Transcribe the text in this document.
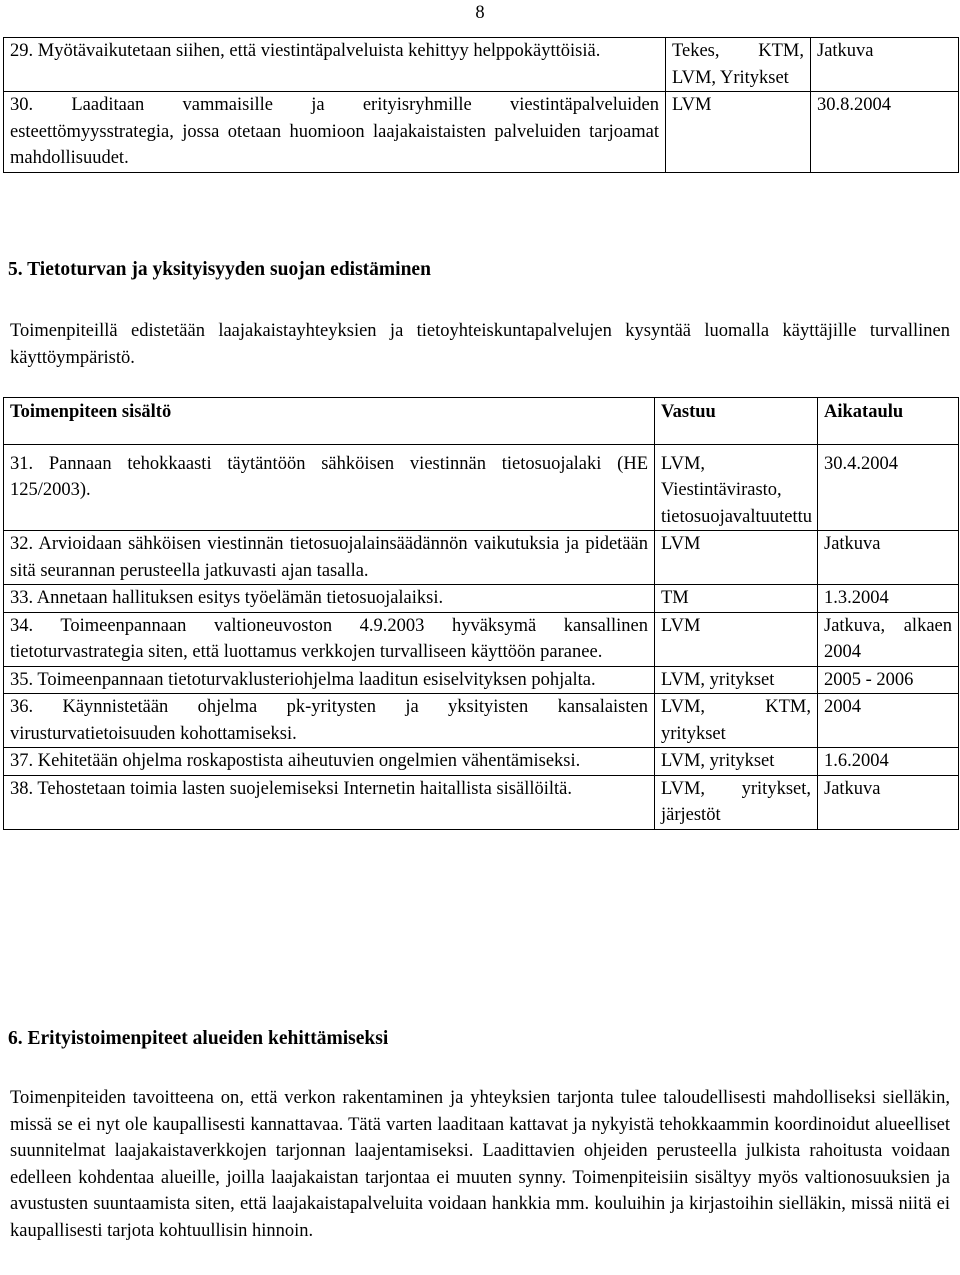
8
29. Myötävaikutetaan siihen, että viestintäpalveluista kehittyy helppokäyttöisiä.	Tekes, KTM, LVM, Yritykset	Jatkuva
30. Laaditaan vammaisille ja erityisryhmille viestintäpalveluiden esteettömyysstrategia, jossa otetaan huomioon laajakaistaisten palveluiden tarjoamat mahdollisuudet.	LVM	30.8.2004
5. Tietoturvan ja yksityisyyden suojan edistäminen

Toimenpiteillä edistetään laajakaistayhteyksien ja tietoyhteiskuntapalvelujen kysyntää luomalla käyttäjille turvallinen käyttöympäristö.

Toimenpiteen sisältö	Vastuu	Aikataulu
31. Pannaan tehokkaasti täytäntöön sähköisen viestinnän tietosuojalaki (HE 125/2003).	LVM, Viestintävirasto, tietosuojavaltuutettu	30.4.2004
32. Arvioidaan sähköisen viestinnän tietosuojalainsäädännön vaikutuksia ja pidetään sitä seurannan perusteella jatkuvasti ajan tasalla.	LVM	Jatkuva
33. Annetaan hallituksen esitys työelämän tietosuojalaiksi.	TM	1.3.2004
34. Toimeenpannaan valtioneuvoston 4.9.2003 hyväksymä kansallinen tietoturvastrategia siten, että luottamus verkkojen turvalliseen käyttöön paranee.	LVM	Jatkuva, alkaen 2004
35. Toimeenpannaan tietoturvaklusteriohjelma laaditun esiselvityksen pohjalta.	LVM, yritykset	2005 - 2006
36. Käynnistetään ohjelma pk-yritysten ja yksityisten kansalaisten virusturvatietoisuuden kohottamiseksi.	LVM, KTM, yritykset	2004
37. Kehitetään ohjelma roskapostista aiheutuvien ongelmien vähentämiseksi.	LVM, yritykset	1.6.2004
38. Tehostetaan toimia lasten suojelemiseksi Internetin haitallista sisällöiltä.	LVM, yritykset, järjestöt	Jatkuva
6. Erityistoimenpiteet alueiden kehittämiseksi

Toimenpiteiden tavoitteena on, että verkon rakentaminen ja yhteyksien tarjonta tulee taloudellisesti mahdolliseksi sielläkin, missä se ei nyt ole kaupallisesti kannattavaa. Tätä varten laaditaan kattavat ja nykyistä tehokkaammin koordinoidut alueelliset suunnitelmat laajakaistaverkkojen tarjonnan laajentamiseksi. Laadittavien ohjeiden perusteella julkista rahoitusta voidaan edelleen kohdentaa alueille, joilla laajakaistan tarjontaa ei muuten synny. Toimenpiteisiin sisältyy myös valtionosuuksien ja avustusten suuntaamista siten, että laajakaistapalveluita voidaan hankkia mm. kouluihin ja kirjastoihin sielläkin, missä niitä ei kaupallisesti tarjota kohtuullisin hinnoin.
